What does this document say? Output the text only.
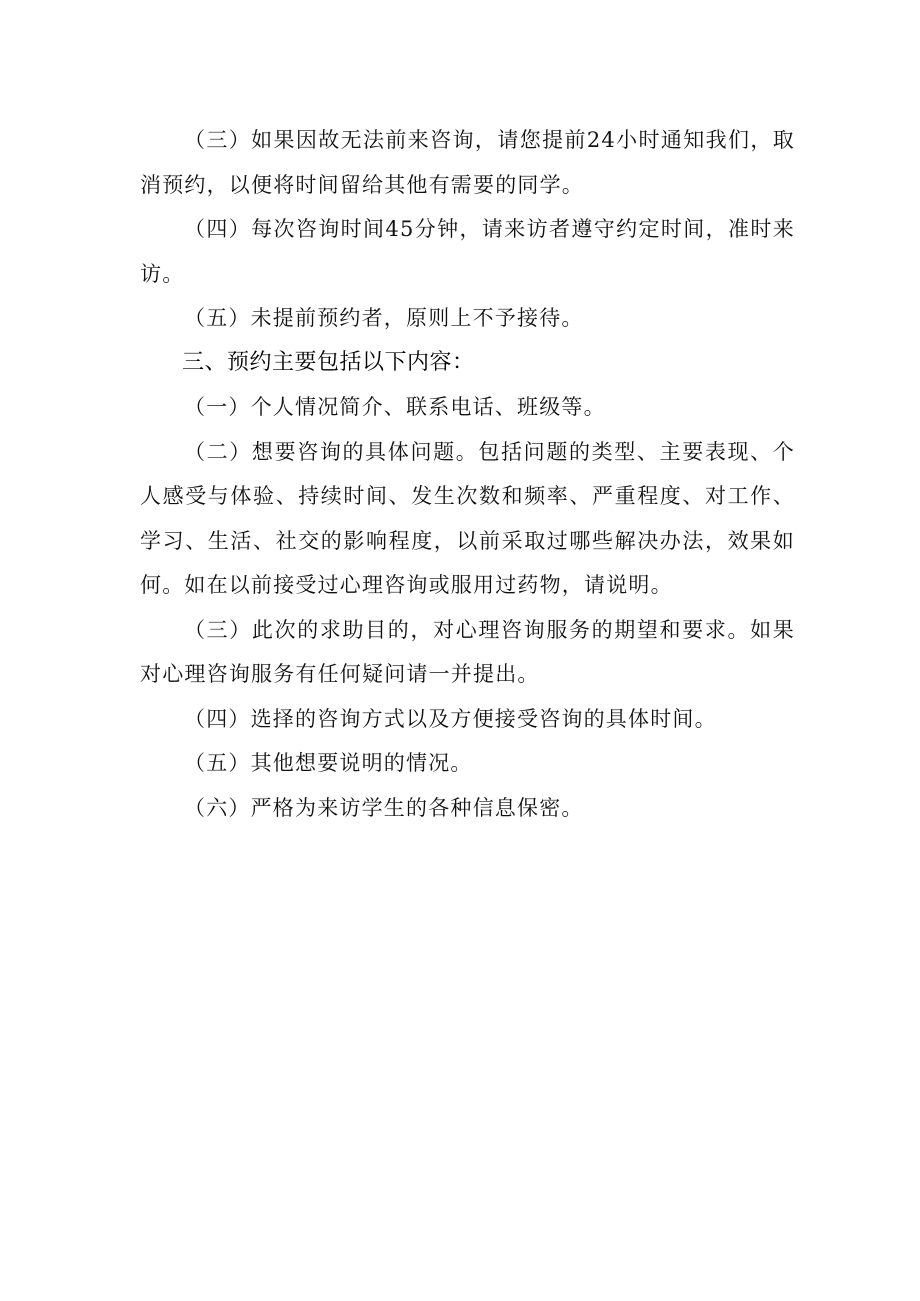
（三）如果因故无法前来咨询，请您提前24小时通知我们，取消预约，以便将时间留给其他有需要的同学。

（四）每次咨询时间45分钟，请来访者遵守约定时间，准时来访。

（五）未提前预约者，原则上不予接待。

三、预约主要包括以下内容：

（一）个人情况简介、联系电话、班级等。

（二）想要咨询的具体问题。包括问题的类型、主要表现、个人感受与体验、持续时间、发生次数和频率、严重程度、对工作、学习、生活、社交的影响程度，以前采取过哪些解决办法，效果如何。如在以前接受过心理咨询或服用过药物，请说明。

（三）此次的求助目的，对心理咨询服务的期望和要求。如果对心理咨询服务有任何疑问请一并提出。

（四）选择的咨询方式以及方便接受咨询的具体时间。

（五）其他想要说明的情况。

（六）严格为来访学生的各种信息保密。
